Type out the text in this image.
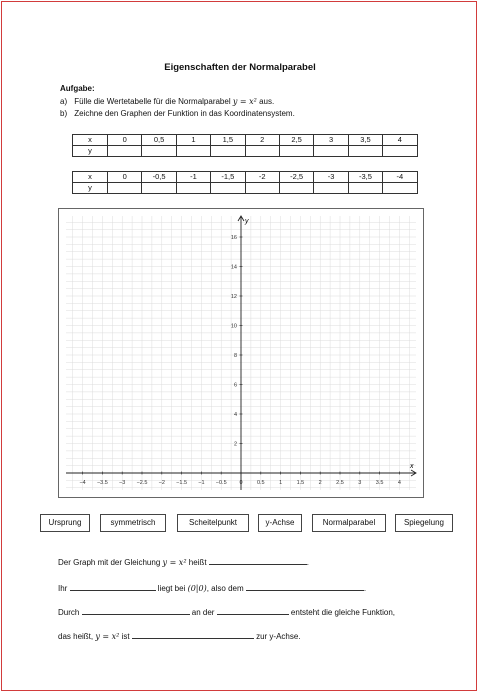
Eigenschaften der Normalparabel
Aufgabe:
a) Fülle die Wertetabelle für die Normalparabel y = x² aus.
b) Zeichne den Graphen der Funktion in das Koordinatensystem.
x	0	0,5	1	1,5	2	2,5	3	3,5	4
y									
x	0	-0,5	-1	-1,5	-2	-2,5	-3	-3,5	-4
y									
x
y
−4 −3.5 −3 −2.5 −2 −1.5 −1 −0.5 0	0.5	1	1.5	2	2.5	3	3.5	4
2
4
6
8
10
12
14
16
Ursprung	symmetrisch	Scheitelpunkt	y-Achse	Normalparabel	Spiegelung
Der Graph mit der Gleichung y = x² heißt	.
Ihr	liegt bei (0|0), also dem	.
Durch	an der	entsteht die gleiche Funktion,
das heißt, y = x² ist	zur y-Achse.
